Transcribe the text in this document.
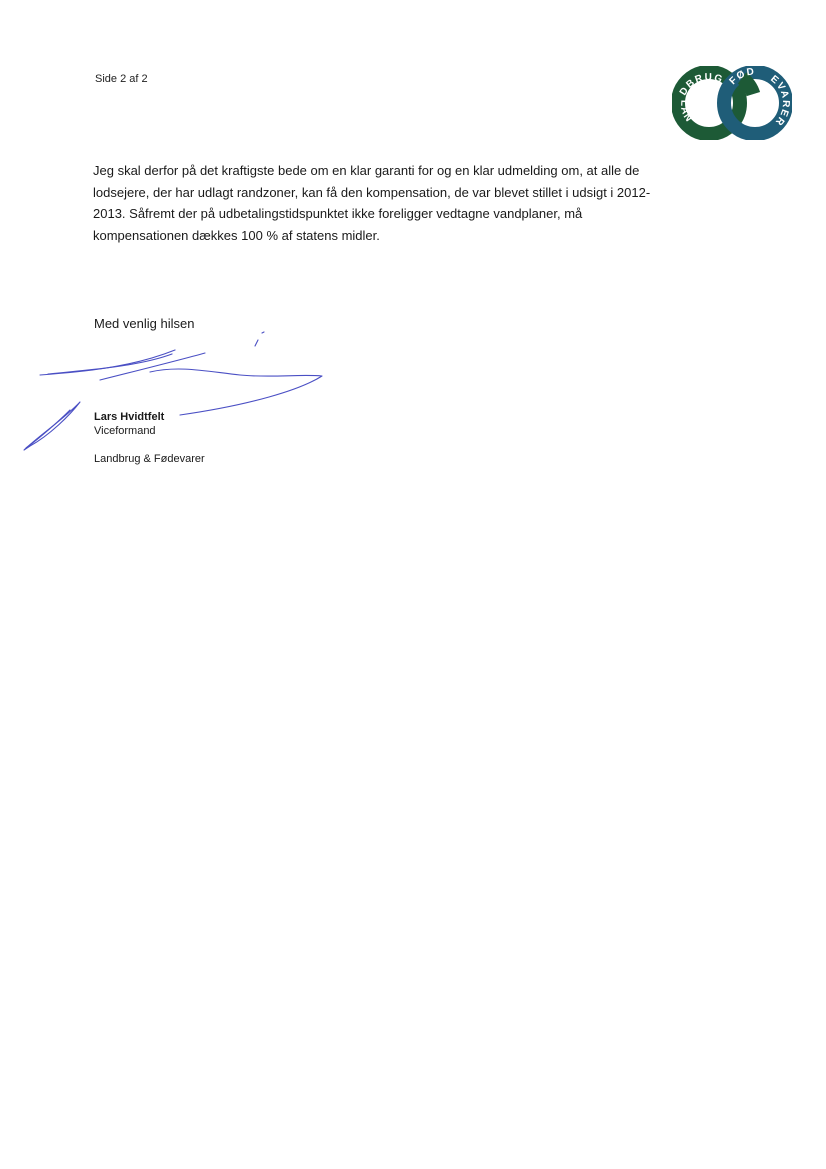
Side 2 af 2
LAN
DBRUG FØD
EVARER

Jeg skal derfor på det kraftigste bede om en klar garanti for og en klar udmelding om, at alle de lodsejere, der har udlagt randzoner, kan få den kompensation, de var blevet stillet i udsigt i 2012-2013. Såfremt der på udbetalingstidspunktet ikke foreligger vedtagne vandplaner, må kompensationen dækkes 100 % af statens midler.

Med venlig hilsen
Lars Hvidtfelt
Viceformand
Landbrug & Fødevarer
